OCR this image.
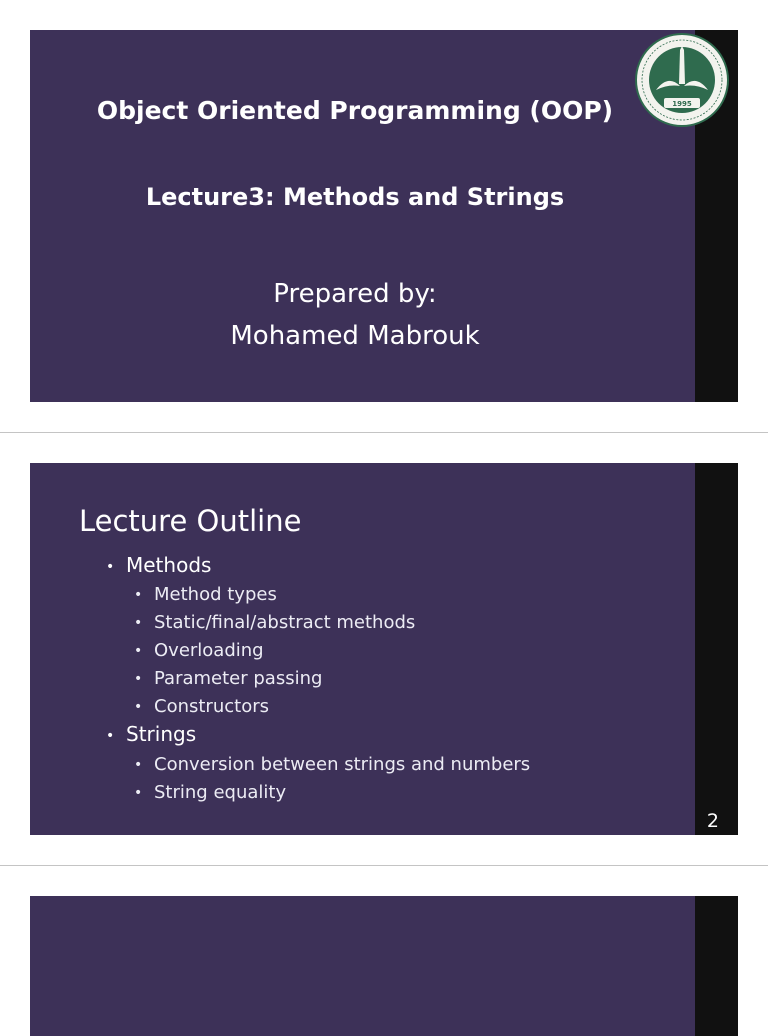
Object Oriented Programming (OOP)
Lecture3: Methods and Strings
Prepared by:
Mohamed Mabrouk
1995
Lecture Outline
• Methods
• Method types
• Static/final/abstract methods
• Overloading
• Parameter passing
• Constructors
• Strings
• Conversion between strings and numbers
• String equality
2
